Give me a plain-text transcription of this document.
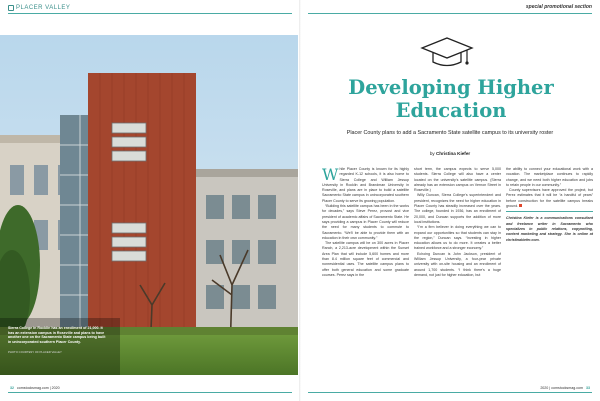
PLACER VALLEY	special promotional section
Sierra College in Rocklin has an enrollment of 21,000. It has an extension campus in Roseville and plans to have another one on the Sacramento State campus being built in unincorporated southern Placer County.
PHOTO COURTESY OF PLACER VALLEY
Developing Higher
Education
Placer County plans to add a Sacramento State satellite campus to its university roster
by Christina Kiefer

While Placer County is known for its highly regarded K-12 schools, it is also home to Sierra College and William Jessup University in Rocklin and Brandman University in Roseville, and plans are in place to build a satellite Sacramento State campus in unincorporated southern Placer County to serve its growing population.

“Building this satellite campus has been in the works for decades,” says Steve Perez, provost and vice president of academic affairs of Sacramento State. He says providing a campus in Placer County will reduce the need for many students to commute to Sacramento. “We’ll be able to provide them with an education in their own community.”

The satellite campus will be on 300 acres in Placer Ranch, a 2,213-acre development within the Sunset Area Plan that will include 5,600 homes and more than 8.4 million square feet of commercial and nonresidential uses. The satellite campus plans to offer both general education and some graduate courses. Perez says in the

short term, the campus expects to serve 5,000 students. Sierra College will also have a center located on the university’s satellite campus. (Sierra already has an extension campus on Vernon Street in Roseville.)

Willy Duncan, Sierra College’s superintendent and president, recognizes the need for higher education in Placer County has steadily increased over the years. The college, founded in 1936, has an enrollment of 20,000, and Duncan supports the addition of more local institutions.

“I’m a firm believer in doing everything we can to expand our opportunities so that students can stay in the region,” Duncan says. “Investing in higher education allows us to do more. It creates a better trained workforce and a stronger economy.”

Echoing Duncan is John Jackson, president of William Jessup University, a four-year private university with on-site housing and an enrollment of around 1,700 students. “I think there’s a huge demand, not just for higher education, but

the ability to connect your educational work with a vocation. The marketplace continues to rapidly change, and we need both higher education and jobs to retain people in our community.”

County supervisors have approved the project, but Perez estimates that it will be “a handful of years” before construction for the satellite campus breaks ground.

Christina Kiefer is a communications consultant and freelance writer in Sacramento who specializes in public relations, copywriting, content marketing and strategy. She is online at christinakiefer.com.

32 comstocksmag.com | 2020	2020 | comstocksmag.com 33
